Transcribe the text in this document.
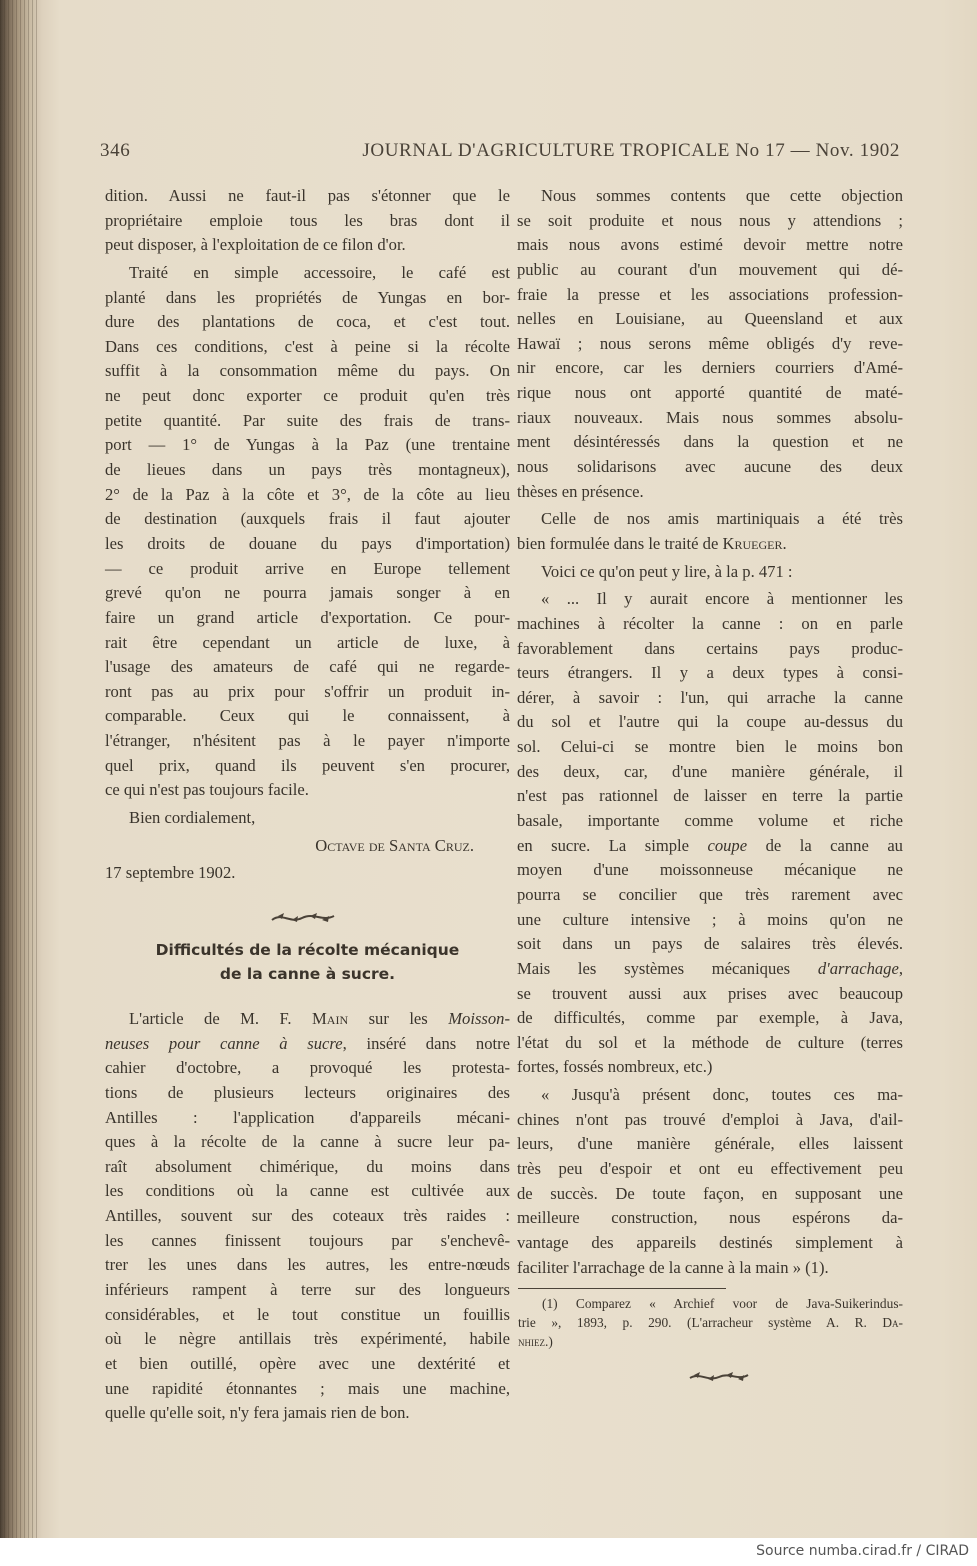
346	JOURNAL D'AGRICULTURE TROPICALE No 17 — Nov. 1902
dition. Aussi ne faut-il pas s'étonner que le
propriétaire emploie tous les bras dont il
peut disposer, à l'exploitation de ce filon d'or.
Traité en simple accessoire, le café est
planté dans les propriétés de Yungas en bor-
dure des plantations de coca, et c'est tout.
Dans ces conditions, c'est à peine si la récolte
suffit à la consommation même du pays. On
ne peut donc exporter ce produit qu'en très
petite quantité. Par suite des frais de trans-
port — 1° de Yungas à la Paz (une trentaine
de lieues dans un pays très montagneux),
2° de la Paz à la côte et 3°, de la côte au lieu
de destination (auxquels frais il faut ajouter
les droits de douane du pays d'importation)
— ce produit arrive en Europe tellement
grevé qu'on ne pourra jamais songer à en
faire un grand article d'exportation. Ce pour-
rait être cependant un article de luxe, à
l'usage des amateurs de café qui ne regarde-
ront pas au prix pour s'offrir un produit in-
comparable. Ceux qui le connaissent, à
l'étranger, n'hésitent pas à le payer n'importe
quel prix, quand ils peuvent s'en procurer,
ce qui n'est pas toujours facile.
Bien cordialement,
Octave de Santa Cruz.
17 septembre 1902.
Difficultés de la récolte mécanique
de la canne à sucre.
L'article de M. F. Main sur les Moisson-
neuses pour canne à sucre, inséré dans notre
cahier d'octobre, a provoqué les protesta-
tions de plusieurs lecteurs originaires des
Antilles : l'application d'appareils mécani-
ques à la récolte de la canne à sucre leur pa-
raît absolument chimérique, du moins dans
les conditions où la canne est cultivée aux
Antilles, souvent sur des coteaux très raides :
les cannes finissent toujours par s'enchevê-
trer les unes dans les autres, les entre-nœuds
inférieurs rampent à terre sur des longueurs
considérables, et le tout constitue un fouillis
où le nègre antillais très expérimenté, habile
et bien outillé, opère avec une dextérité et
une rapidité étonnantes ; mais une machine,
quelle qu'elle soit, n'y fera jamais rien de bon.
Nous sommes contents que cette objection
se soit produite et nous nous y attendions ;
mais nous avons estimé devoir mettre notre
public au courant d'un mouvement qui dé-
fraie la presse et les associations profession-
nelles en Louisiane, au Queensland et aux
Hawaï ; nous serons même obligés d'y reve-
nir encore, car les derniers courriers d'Amé-
rique nous ont apporté quantité de maté-
riaux nouveaux. Mais nous sommes absolu-
ment désintéressés dans la question et ne
nous solidarisons avec aucune des deux
thèses en présence.
Celle de nos amis martiniquais a été très
bien formulée dans le traité de Krueger.
Voici ce qu'on peut y lire, à la p. 471 :
« ... Il y aurait encore à mentionner les
machines à récolter la canne : on en parle
favorablement dans certains pays produc-
teurs étrangers. Il y a deux types à consi-
dérer, à savoir : l'un, qui arrache la canne
du sol et l'autre qui la coupe au-dessus du
sol. Celui-ci se montre bien le moins bon
des deux, car, d'une manière générale, il
n'est pas rationnel de laisser en terre la partie
basale, importante comme volume et riche
en sucre. La simple coupe de la canne au
moyen d'une moissonneuse mécanique ne
pourra se concilier que très rarement avec
une culture intensive ; à moins qu'on ne
soit dans un pays de salaires très élevés.
Mais les systèmes mécaniques d'arrachage,
se trouvent aussi aux prises avec beaucoup
de difficultés, comme par exemple, à Java,
l'état du sol et la méthode de culture (terres
fortes, fossés nombreux, etc.)
« Jusqu'à présent donc, toutes ces ma-
chines n'ont pas trouvé d'emploi à Java, d'ail-
leurs, d'une manière générale, elles laissent
très peu d'espoir et ont eu effectivement peu
de succès. De toute façon, en supposant une
meilleure construction, nous espérons da-
vantage des appareils destinés simplement à
faciliter l'arrachage de la canne à la main » (1).
(1) Comparez « Archief voor de Java-Suikerindus-
trie », 1893, p. 290. (L'arracheur système A. R. Da-
nhiez.)
Source numba.cirad.fr / CIRAD
